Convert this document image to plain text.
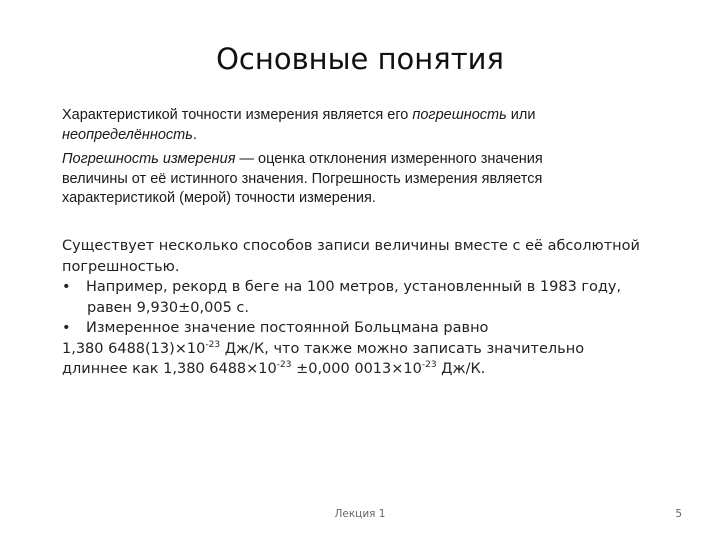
Основные понятия
Характеристикой точности измерения является его погрешность или
неопределённость.
Погрешность измерения — оценка отклонения измеренного значения
величины от её истинного значения. Погрешность измерения является
характеристикой (мерой) точности измерения.
Существует несколько способов записи величины вместе с её абсолютной
погрешностью.
• Например, рекорд в беге на 100 метров, установленный в 1983 году,
равен 9,930±0,005 с.
• Измеренное значение постоянной Больцмана равно
1,380 $6488(13)\times 10^{-23}$ Дж/К, что также можно записать значительно
длиннее как 1,380 $6488\times 10^{-23} \pm 0,000$ $0013\times 10^{-23}$ Дж/К.
Лекция 1	5
